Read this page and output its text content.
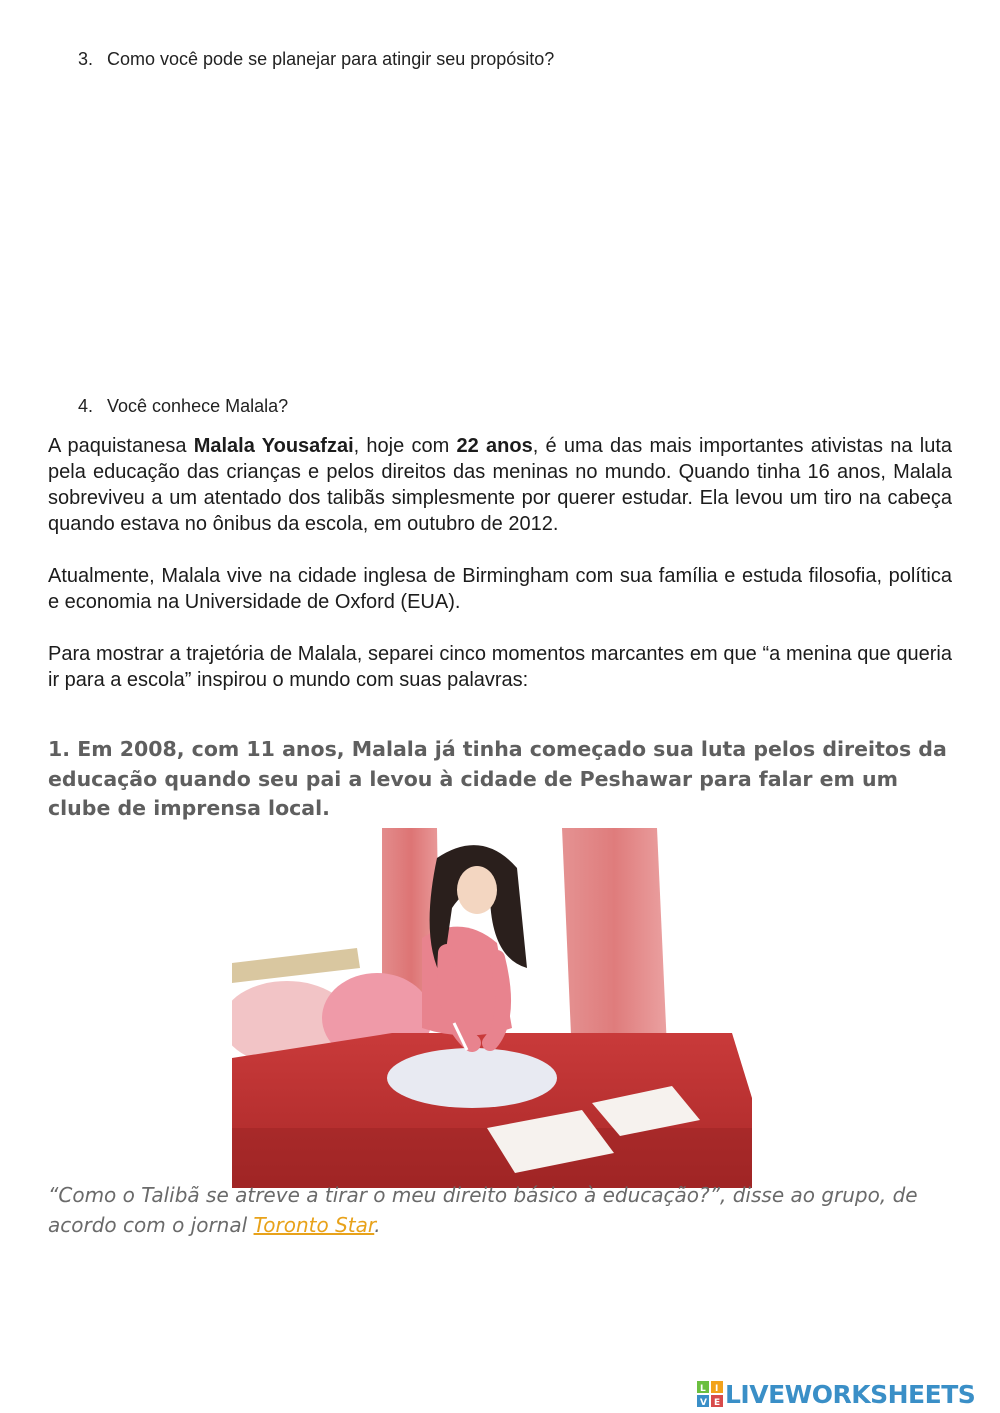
3. Como você pode se planejar para atingir seu propósito?
4. Você conhece Malala?
A paquistanesa Malala Yousafzai, hoje com 22 anos, é uma das mais importantes ativistas na luta pela educação das crianças e pelos direitos das meninas no mundo. Quando tinha 16 anos, Malala sobreviveu a um atentado dos talibãs simplesmente por querer estudar. Ela levou um tiro na cabeça quando estava no ônibus da escola, em outubro de 2012.
Atualmente, Malala vive na cidade inglesa de Birmingham com sua família e estuda filosofia, política e economia na Universidade de Oxford (EUA).
Para mostrar a trajetória de Malala, separei cinco momentos marcantes em que “a menina que queria ir para a escola” inspirou o mundo com suas palavras:
1. Em 2008, com 11 anos, Malala já tinha começado sua luta pelos direitos da educação quando seu pai a levou à cidade de Peshawar para falar em um clube de imprensa local.
“Como o Talibã se atreve a tirar o meu direito básico à educação?”, disse ao grupo, de acordo com o jornal Toronto Star.
L I
V E LIVEWORKSHEETS
